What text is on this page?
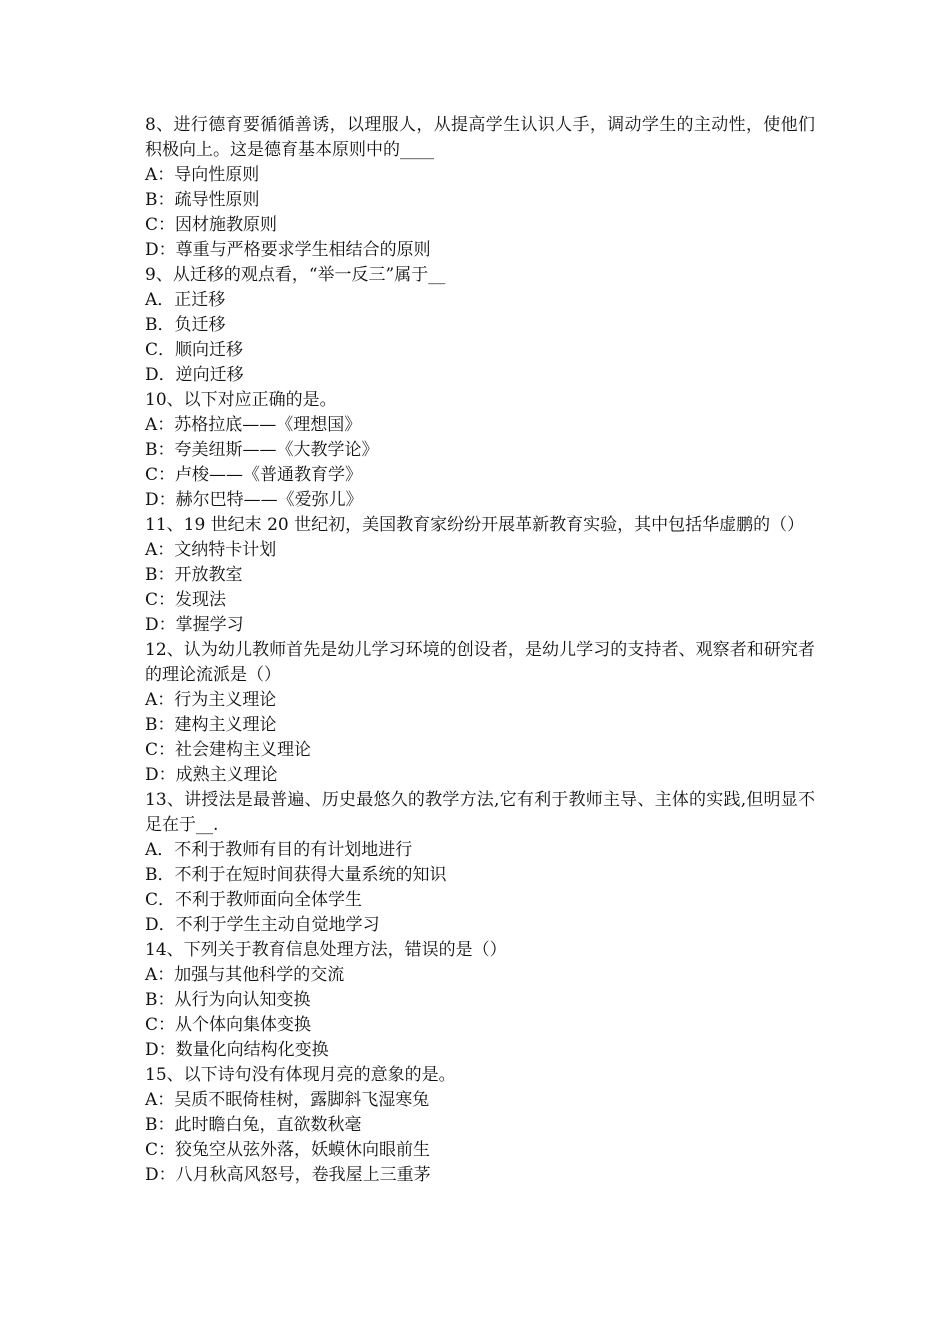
8、进行德育要循循善诱，以理服人，从提高学生认识人手，调动学生的主动性，使他们积极向上。这是德育基本原则中的____
A：导向性原则
B：疏导性原则
C：因材施教原则
D：尊重与严格要求学生相结合的原则
9、从迁移的观点看，“举一反三”属于__
A．正迁移
B．负迁移
C．顺向迁移
D．逆向迁移
10、以下对应正确的是。
A：苏格拉底——《理想国》
B：夸美纽斯——《大教学论》
C：卢梭——《普通教育学》
D：赫尔巴特——《爱弥儿》
11、19 世纪末 20 世纪初，美国教育家纷纷开展革新教育实验，其中包括华虚鹏的（）
A：文纳特卡计划
B：开放教室
C：发现法
D：掌握学习
12、认为幼儿教师首先是幼儿学习环境的创设者，是幼儿学习的支持者、观察者和研究者的理论流派是（）
A：行为主义理论
B：建构主义理论
C：社会建构主义理论
D：成熟主义理论
13、讲授法是最普遍、历史最悠久的教学方法,它有利于教师主导、主体的实践,但明显不足在于__.
A．不利于教师有目的有计划地进行
B．不利于在短时间获得大量系统的知识
C．不利于教师面向全体学生
D．不利于学生主动自觉地学习
14、下列关于教育信息处理方法，错误的是（）
A：加强与其他科学的交流
B：从行为向认知变换
C：从个体向集体变换
D：数量化向结构化变换
15、以下诗句没有体现月亮的意象的是。
A：吴质不眠倚桂树，露脚斜飞湿寒兔
B：此时瞻白兔，直欲数秋毫
C：狡兔空从弦外落，妖蟆休向眼前生
D：八月秋高风怒号，卷我屋上三重茅
